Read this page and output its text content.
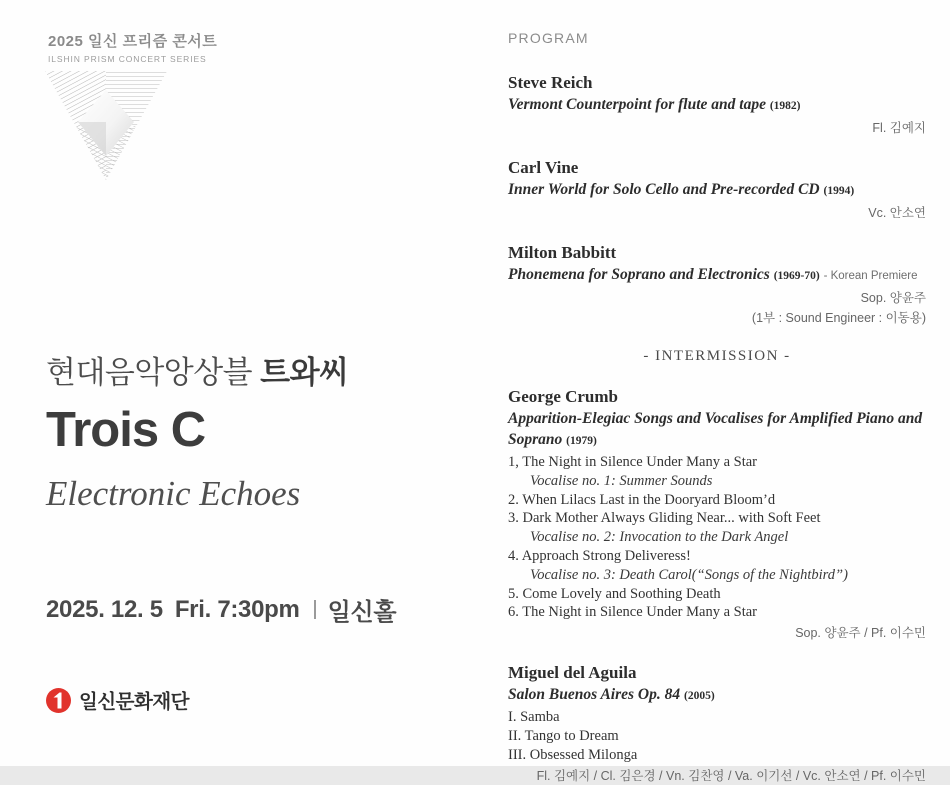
2025 일신 프리즘 콘서트
ILSHIN PRISM CONCERT SERIES
현대음악앙상블 트와씨
Trois C
Electronic Echoes
2025. 12. 5 Fri. 7:30pm 일신홀
일신문화재단
PROGRAM
Steve Reich
Vermont Counterpoint for flute and tape (1982)
Fl. 김예지
Carl Vine
Inner World for Solo Cello and Pre-recorded CD (1994)
Vc. 안소연
Milton Babbitt
Phonemena for Soprano and Electronics (1969-70) - Korean Premiere
Sop. 양윤주
(1부 : Sound Engineer : 이동용)
- INTERMISSION -
George Crumb
Apparition-Elegiac Songs and Vocalises for Amplified Piano and Soprano (1979)
1, The Night in Silence Under Many a Star
Vocalise no. 1: Summer Sounds
2. When Lilacs Last in the Dooryard Bloom’d
3. Dark Mother Always Gliding Near... with Soft Feet
Vocalise no. 2: Invocation to the Dark Angel
4. Approach Strong Deliveress!
Vocalise no. 3: Death Carol(“Songs of the Nightbird”)
5. Come Lovely and Soothing Death
6. The Night in Silence Under Many a Star
Sop. 양윤주 / Pf. 이수민
Miguel del Aguila
Salon Buenos Aires Op. 84 (2005)
I. Samba
II. Tango to Dream
III. Obsessed Milonga
Fl. 김예지 / Cl. 김은경 / Vn. 김찬영 / Va. 이기선 / Vc. 안소연 / Pf. 이수민
